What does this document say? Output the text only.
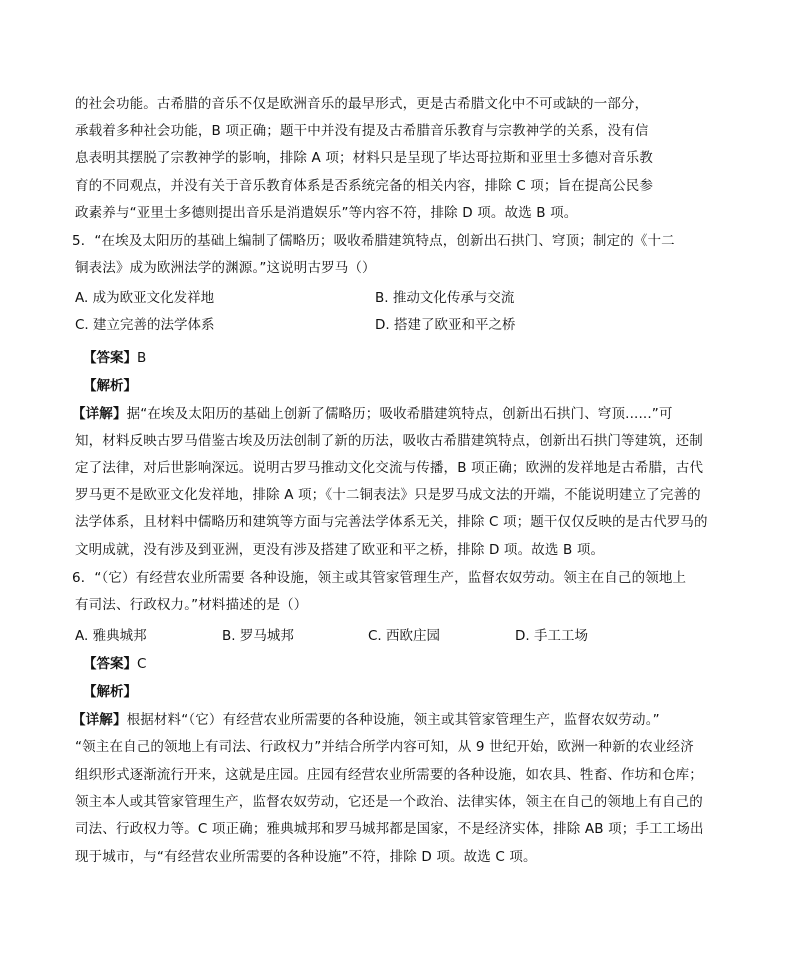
的社会功能。古希腊的音乐不仅是欧洲音乐的最早形式，更是古希腊文化中不可或缺的一部分，
承载着多种社会功能，B 项正确；题干中并没有提及古希腊音乐教育与宗教神学的关系，没有信
息表明其摆脱了宗教神学的影响，排除 A 项；材料只是呈现了毕达哥拉斯和亚里士多德对音乐教
育的不同观点，并没有关于音乐教育体系是否系统完备的相关内容，排除 C 项；旨在提高公民参
政素养与“亚里士多德则提出音乐是消遣娱乐”等内容不符，排除 D 项。故选 B 项。
5．“在埃及太阳历的基础上编制了儒略历；吸收希腊建筑特点，创新出石拱门、穹顶；制定的《十二
铜表法》成为欧洲法学的渊源。”这说明古罗马（）
A. 成为欧亚文化发祥地	B. 推动文化传承与交流
C. 建立完善的法学体系	D. 搭建了欧亚和平之桥
【答案】B
【解析】
【详解】据“在埃及太阳历的基础上创新了儒略历；吸收希腊建筑特点，创新出石拱门、穹顶......”可
知，材料反映古罗马借鉴古埃及历法创制了新的历法，吸收古希腊建筑特点，创新出石拱门等建筑，还制
定了法律，对后世影响深远。说明古罗马推动文化交流与传播，B 项正确；欧洲的发祥地是古希腊，古代
罗马更不是欧亚文化发祥地，排除 A 项；《十二铜表法》只是罗马成文法的开端，不能说明建立了完善的
法学体系，且材料中儒略历和建筑等方面与完善法学体系无关，排除 C 项；题干仅仅反映的是古代罗马的
文明成就，没有涉及到亚洲，更没有涉及搭建了欧亚和平之桥，排除 D 项。故选 B 项。
6．“（它）有经营农业所需要 各种设施，领主或其管家管理生产，监督农奴劳动。领主在自己的领地上
有司法、行政权力。”材料描述的是（）
A. 雅典城邦	B. 罗马城邦	C. 西欧庄园	D. 手工工场
【答案】C
【解析】
【详解】根据材料“（它）有经营农业所需要的各种设施，领主或其管家管理生产，监督农奴劳动。”
“领主在自己的领地上有司法、行政权力”并结合所学内容可知，从 9 世纪开始，欧洲一种新的农业经济
组织形式逐渐流行开来，这就是庄园。庄园有经营农业所需要的各种设施，如农具、牲畜、作坊和仓库；
领主本人或其管家管理生产，监督农奴劳动，它还是一个政治、法律实体，领主在自己的领地上有自己的
司法、行政权力等。C 项正确；雅典城邦和罗马城邦都是国家，不是经济实体，排除 AB 项；手工工场出
现于城市，与“有经营农业所需要的各种设施”不符，排除 D 项。故选 C 项。
